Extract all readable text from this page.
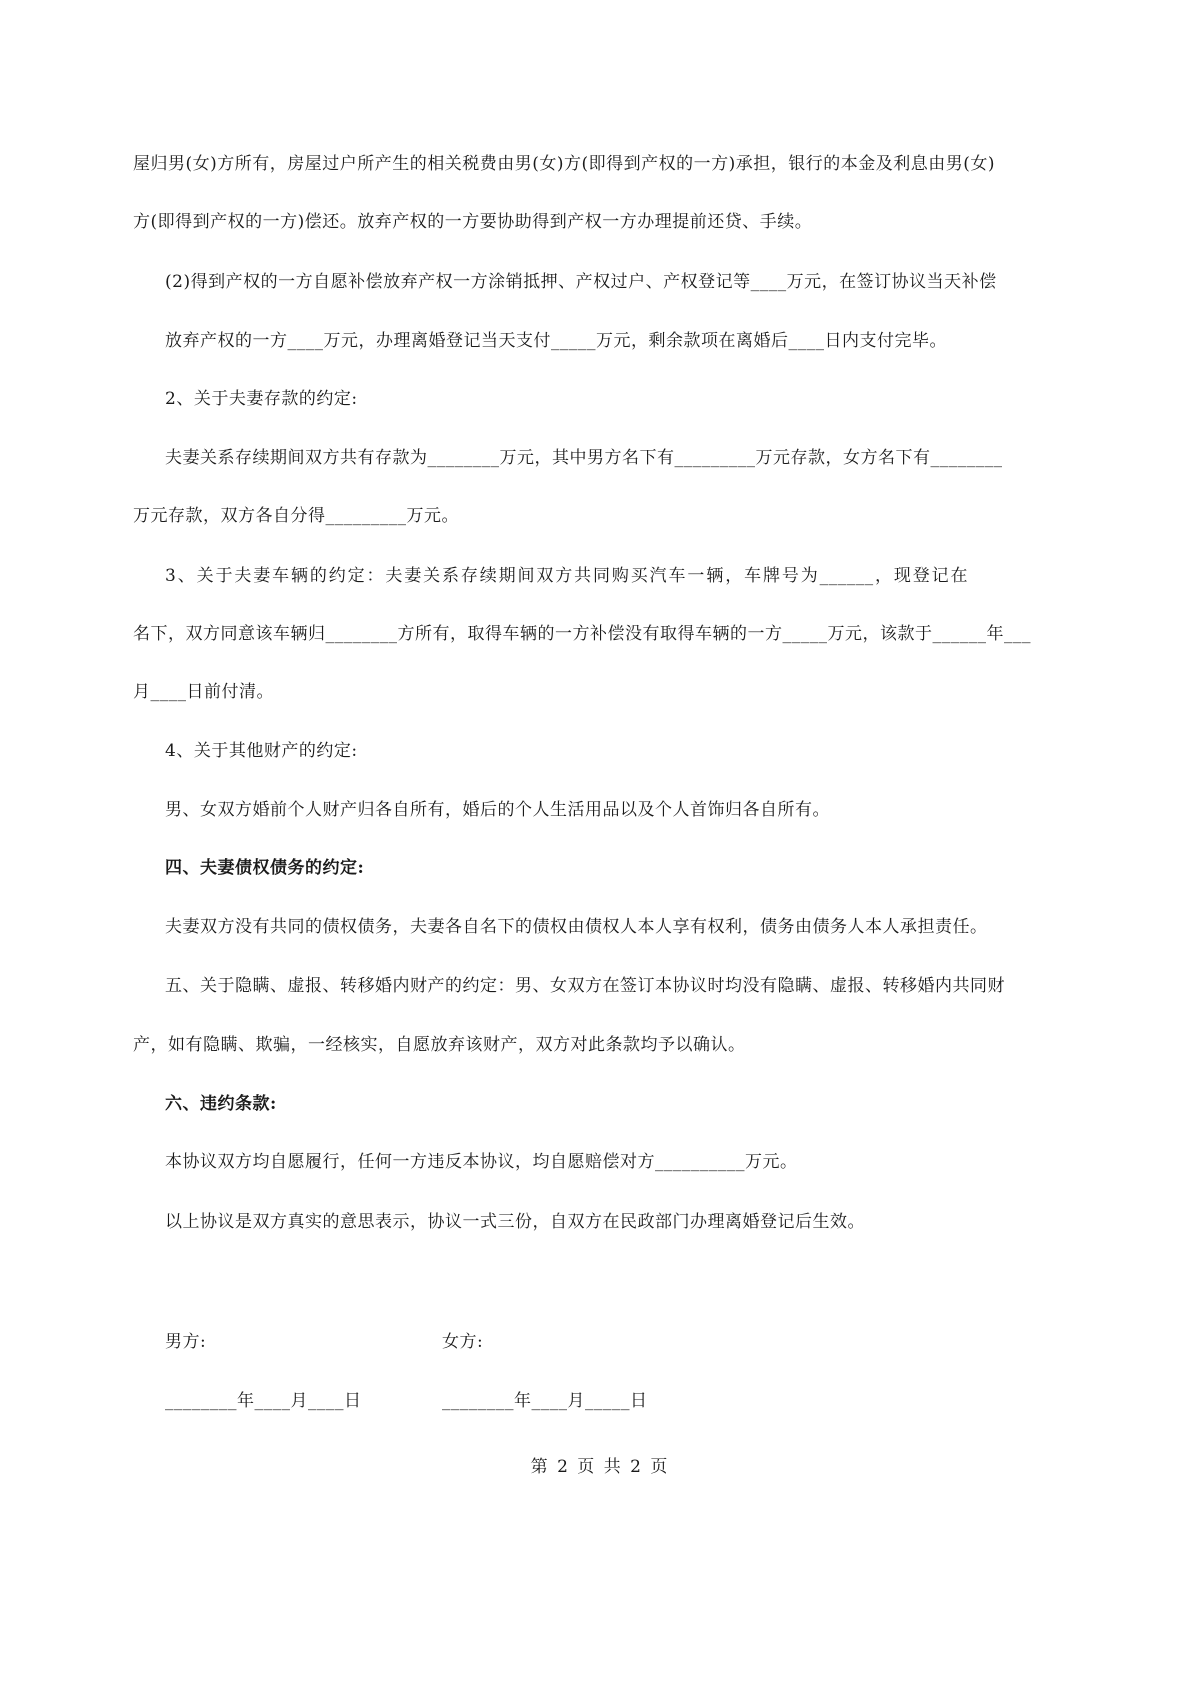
屋归男(女)方所有，房屋过户所产生的相关税费由男(女)方(即得到产权的一方)承担，银行的本金及利息由男(女)
方(即得到产权的一方)偿还。放弃产权的一方要协助得到产权一方办理提前还贷、手续。
(2)得到产权的一方自愿补偿放弃产权一方涂销抵押、产权过户、产权登记等____万元，在签订协议当天补偿
放弃产权的一方____万元，办理离婚登记当天支付_____万元，剩余款项在离婚后____日内支付完毕。
2、关于夫妻存款的约定:
夫妻关系存续期间双方共有存款为________万元，其中男方名下有_________万元存款，女方名下有________
万元存款，双方各自分得_________万元。
3、关于夫妻车辆的约定：夫妻关系存续期间双方共同购买汽车一辆，车牌号为______，现登记在
名下，双方同意该车辆归________方所有，取得车辆的一方补偿没有取得车辆的一方_____万元，该款于______年___
月____日前付清。
4、关于其他财产的约定:
男、女双方婚前个人财产归各自所有，婚后的个人生活用品以及个人首饰归各自所有。
四、夫妻债权债务的约定:
夫妻双方没有共同的债权债务，夫妻各自名下的债权由债权人本人享有权利，债务由债务人本人承担责任。
五、关于隐瞒、虚报、转移婚内财产的约定：男、女双方在签订本协议时均没有隐瞒、虚报、转移婚内共同财
产，如有隐瞒、欺骗，一经核实，自愿放弃该财产，双方对此条款均予以确认。
六、违约条款:
本协议双方均自愿履行，任何一方违反本协议，均自愿赔偿对方__________万元。
以上协议是双方真实的意思表示，协议一式三份，自双方在民政部门办理离婚登记后生效。
男方:	女方:
________年____月____日	________年____月_____日
第 2 页 共 2 页
